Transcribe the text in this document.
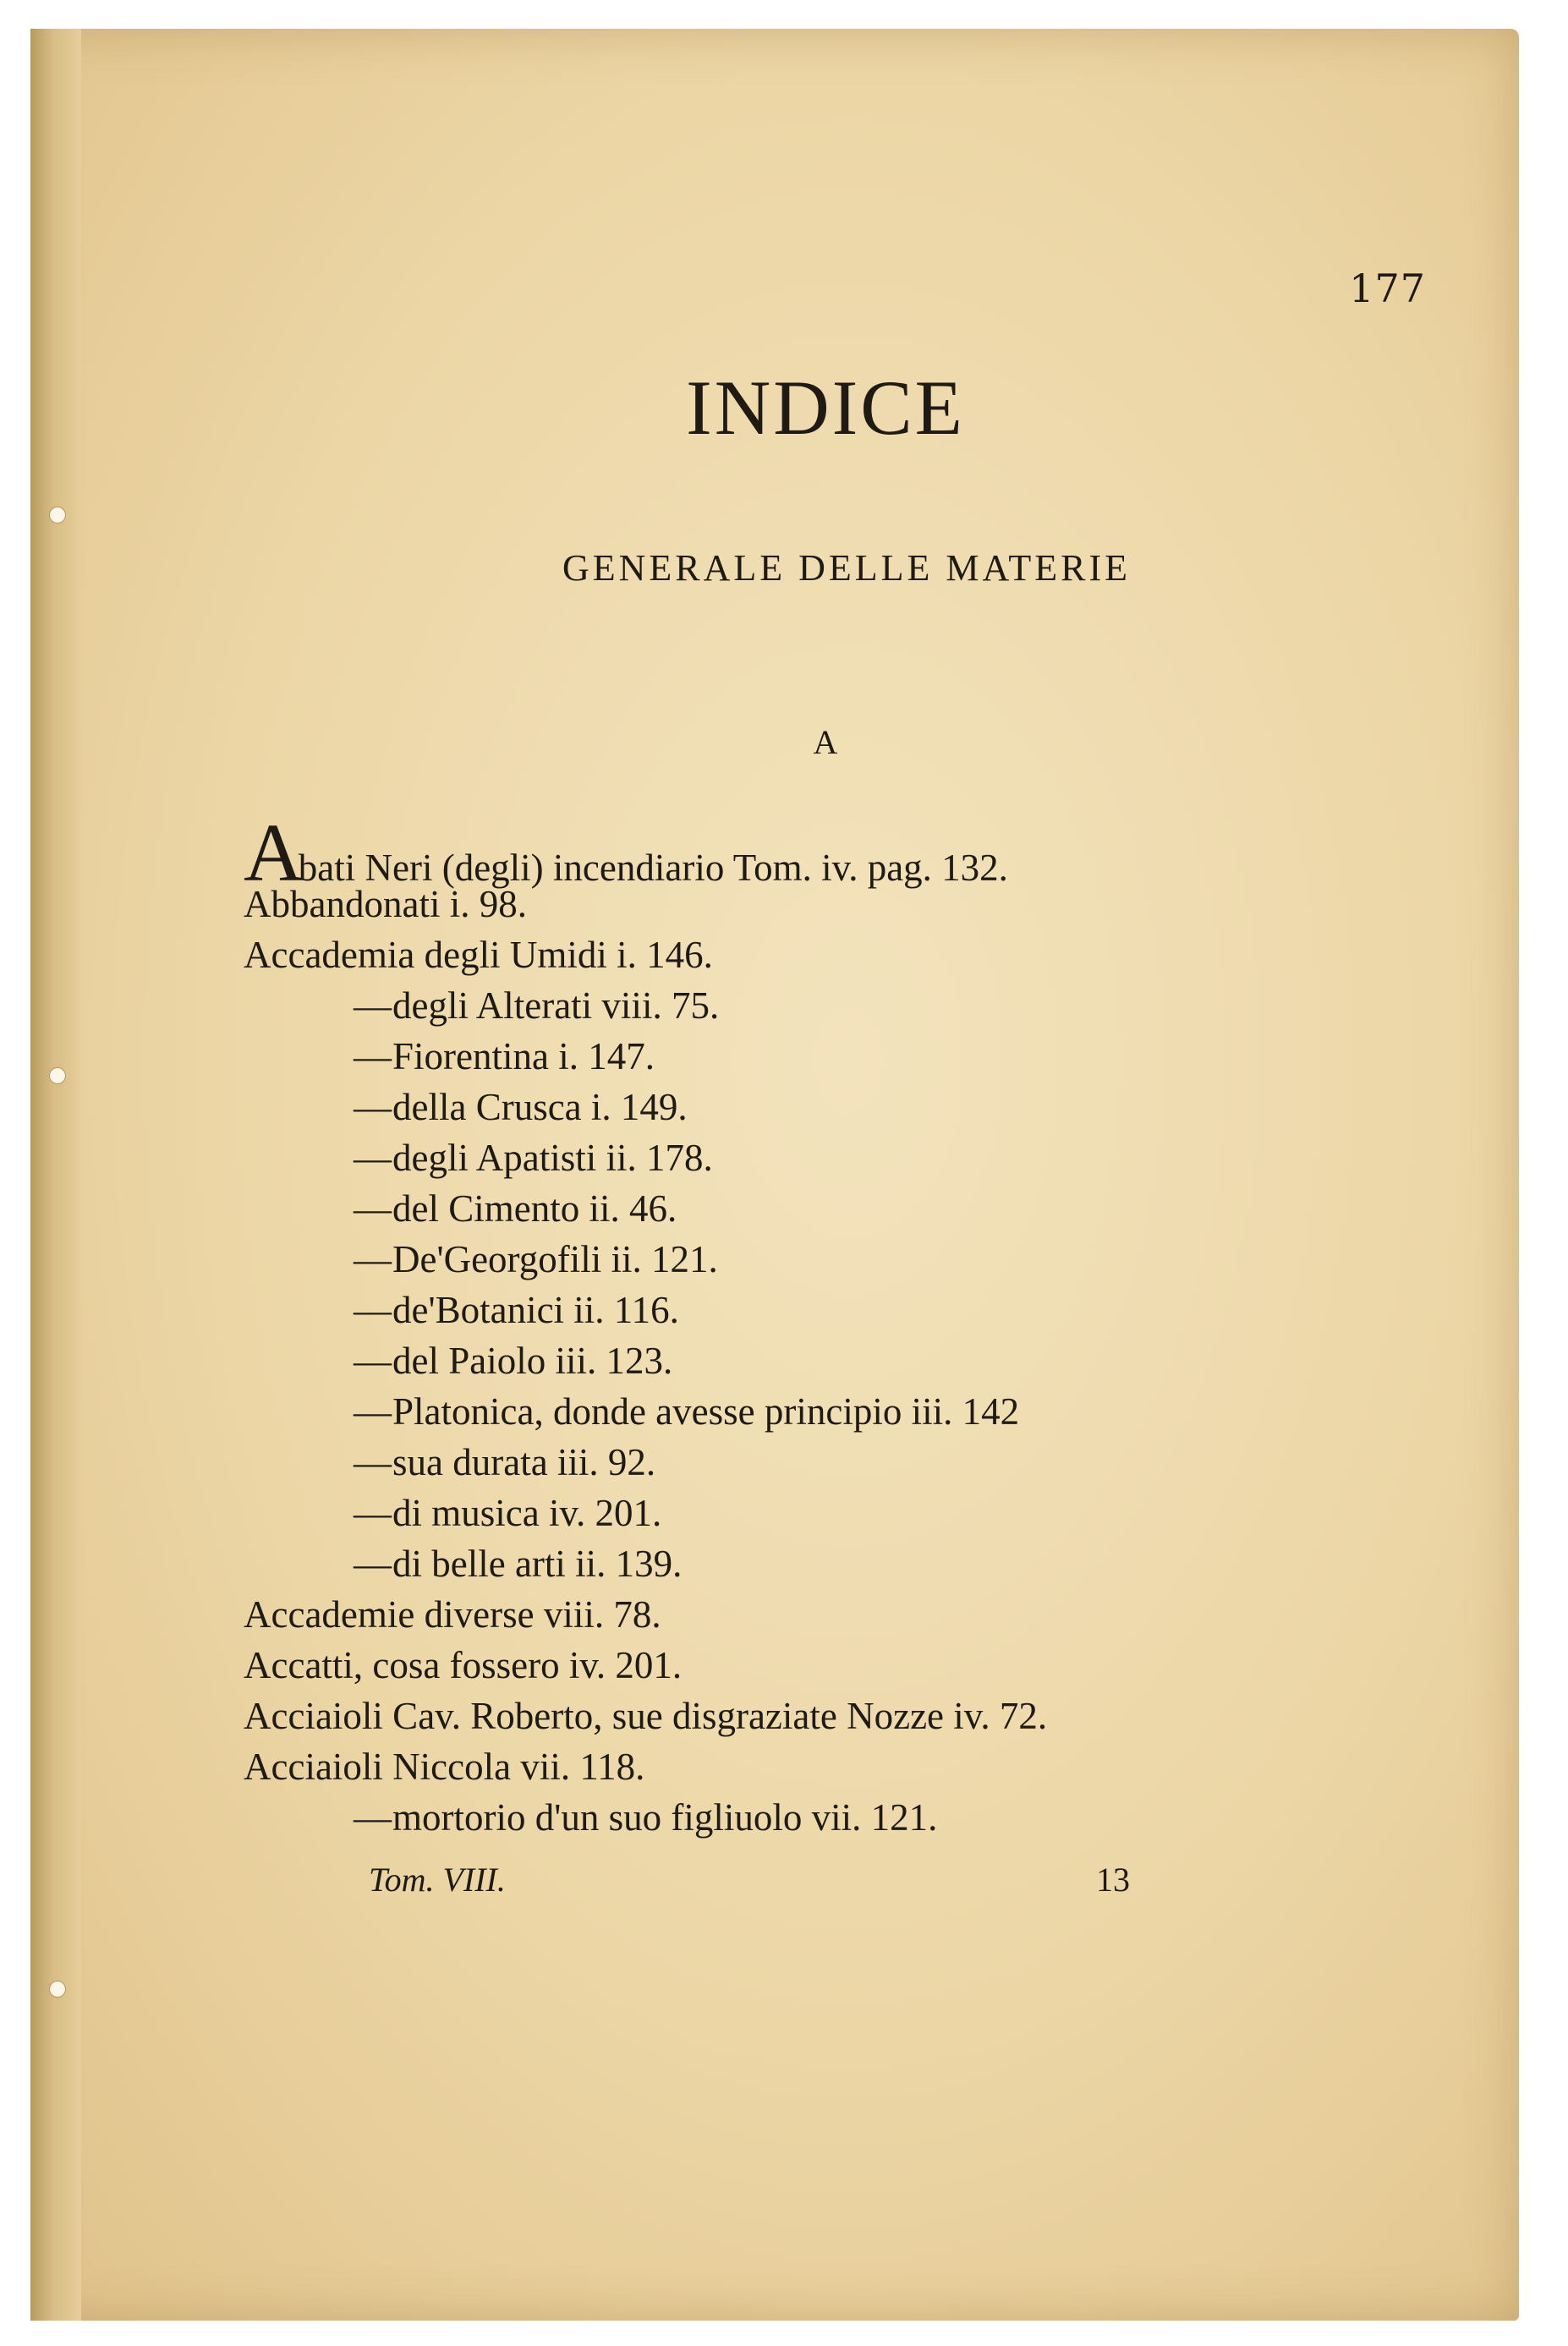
177
INDICE
GENERALE DELLE MATERIE
A
Abati Neri (degli) incendiario Tom. iv. pag. 132.
Abbandonati i. 98.
Accademia degli Umidi i. 146.
—degli Alterati viii. 75.
—Fiorentina i. 147.
—della Crusca i. 149.
—degli Apatisti ii. 178.
—del Cimento ii. 46.
—De'Georgofili ii. 121.
—de'Botanici ii. 116.
—del Paiolo iii. 123.
—Platonica, donde avesse principio iii. 142
—sua durata iii. 92.
—di musica iv. 201.
—di belle arti ii. 139.
Accademie diverse viii. 78.
Accatti, cosa fossero iv. 201.
Acciaioli Cav. Roberto, sue disgraziate Nozze iv. 72.
Acciaioli Niccola vii. 118.
—mortorio d'un suo figliuolo vii. 121.
Tom. VIII.	13
